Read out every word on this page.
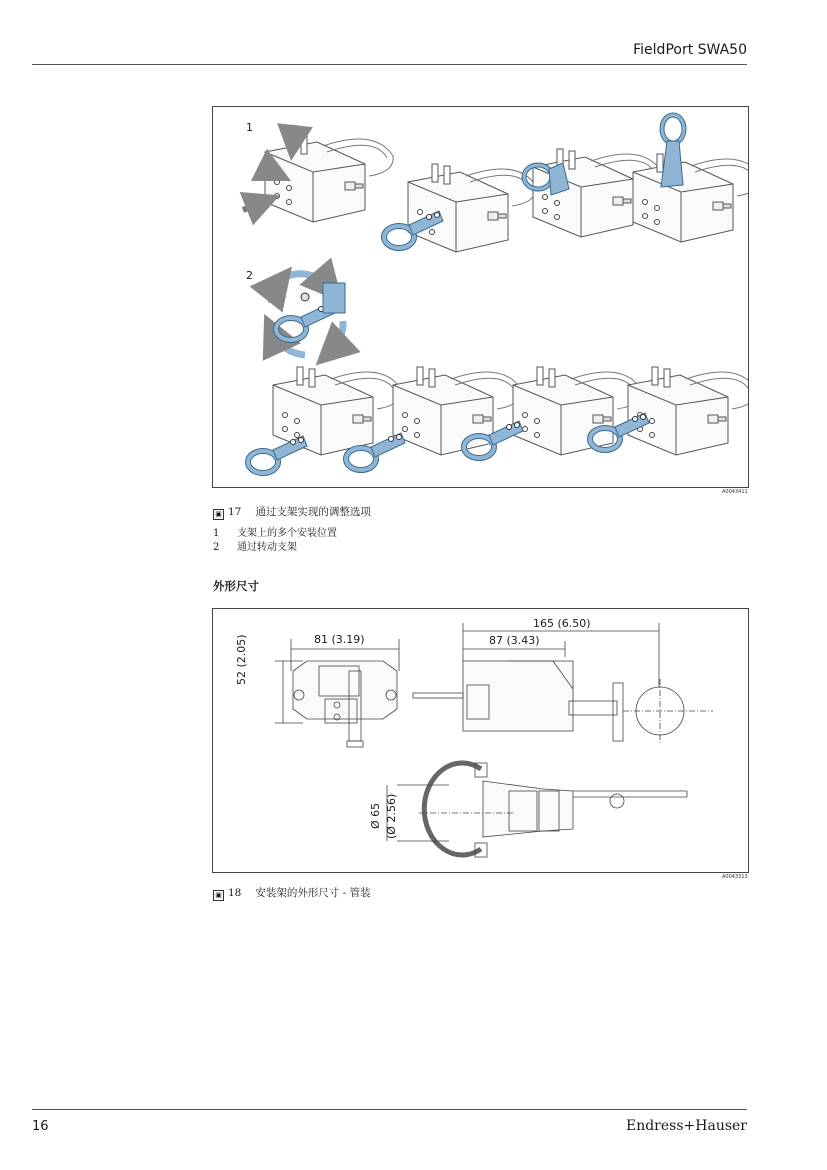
FieldPort SWA50
1
2
A0043411
▣ 17 通过支架实现的调整选项
1 支架上的多个安装位置
2 通过转动支架
外形尺寸
81 (3.19)
165 (6.50)
87 (3.43)
52 (2.05)
Ø 65 (Ø 2.56)
A0043313
▣ 18 安装架的外形尺寸 - 管装
16	Endress+Hauser
